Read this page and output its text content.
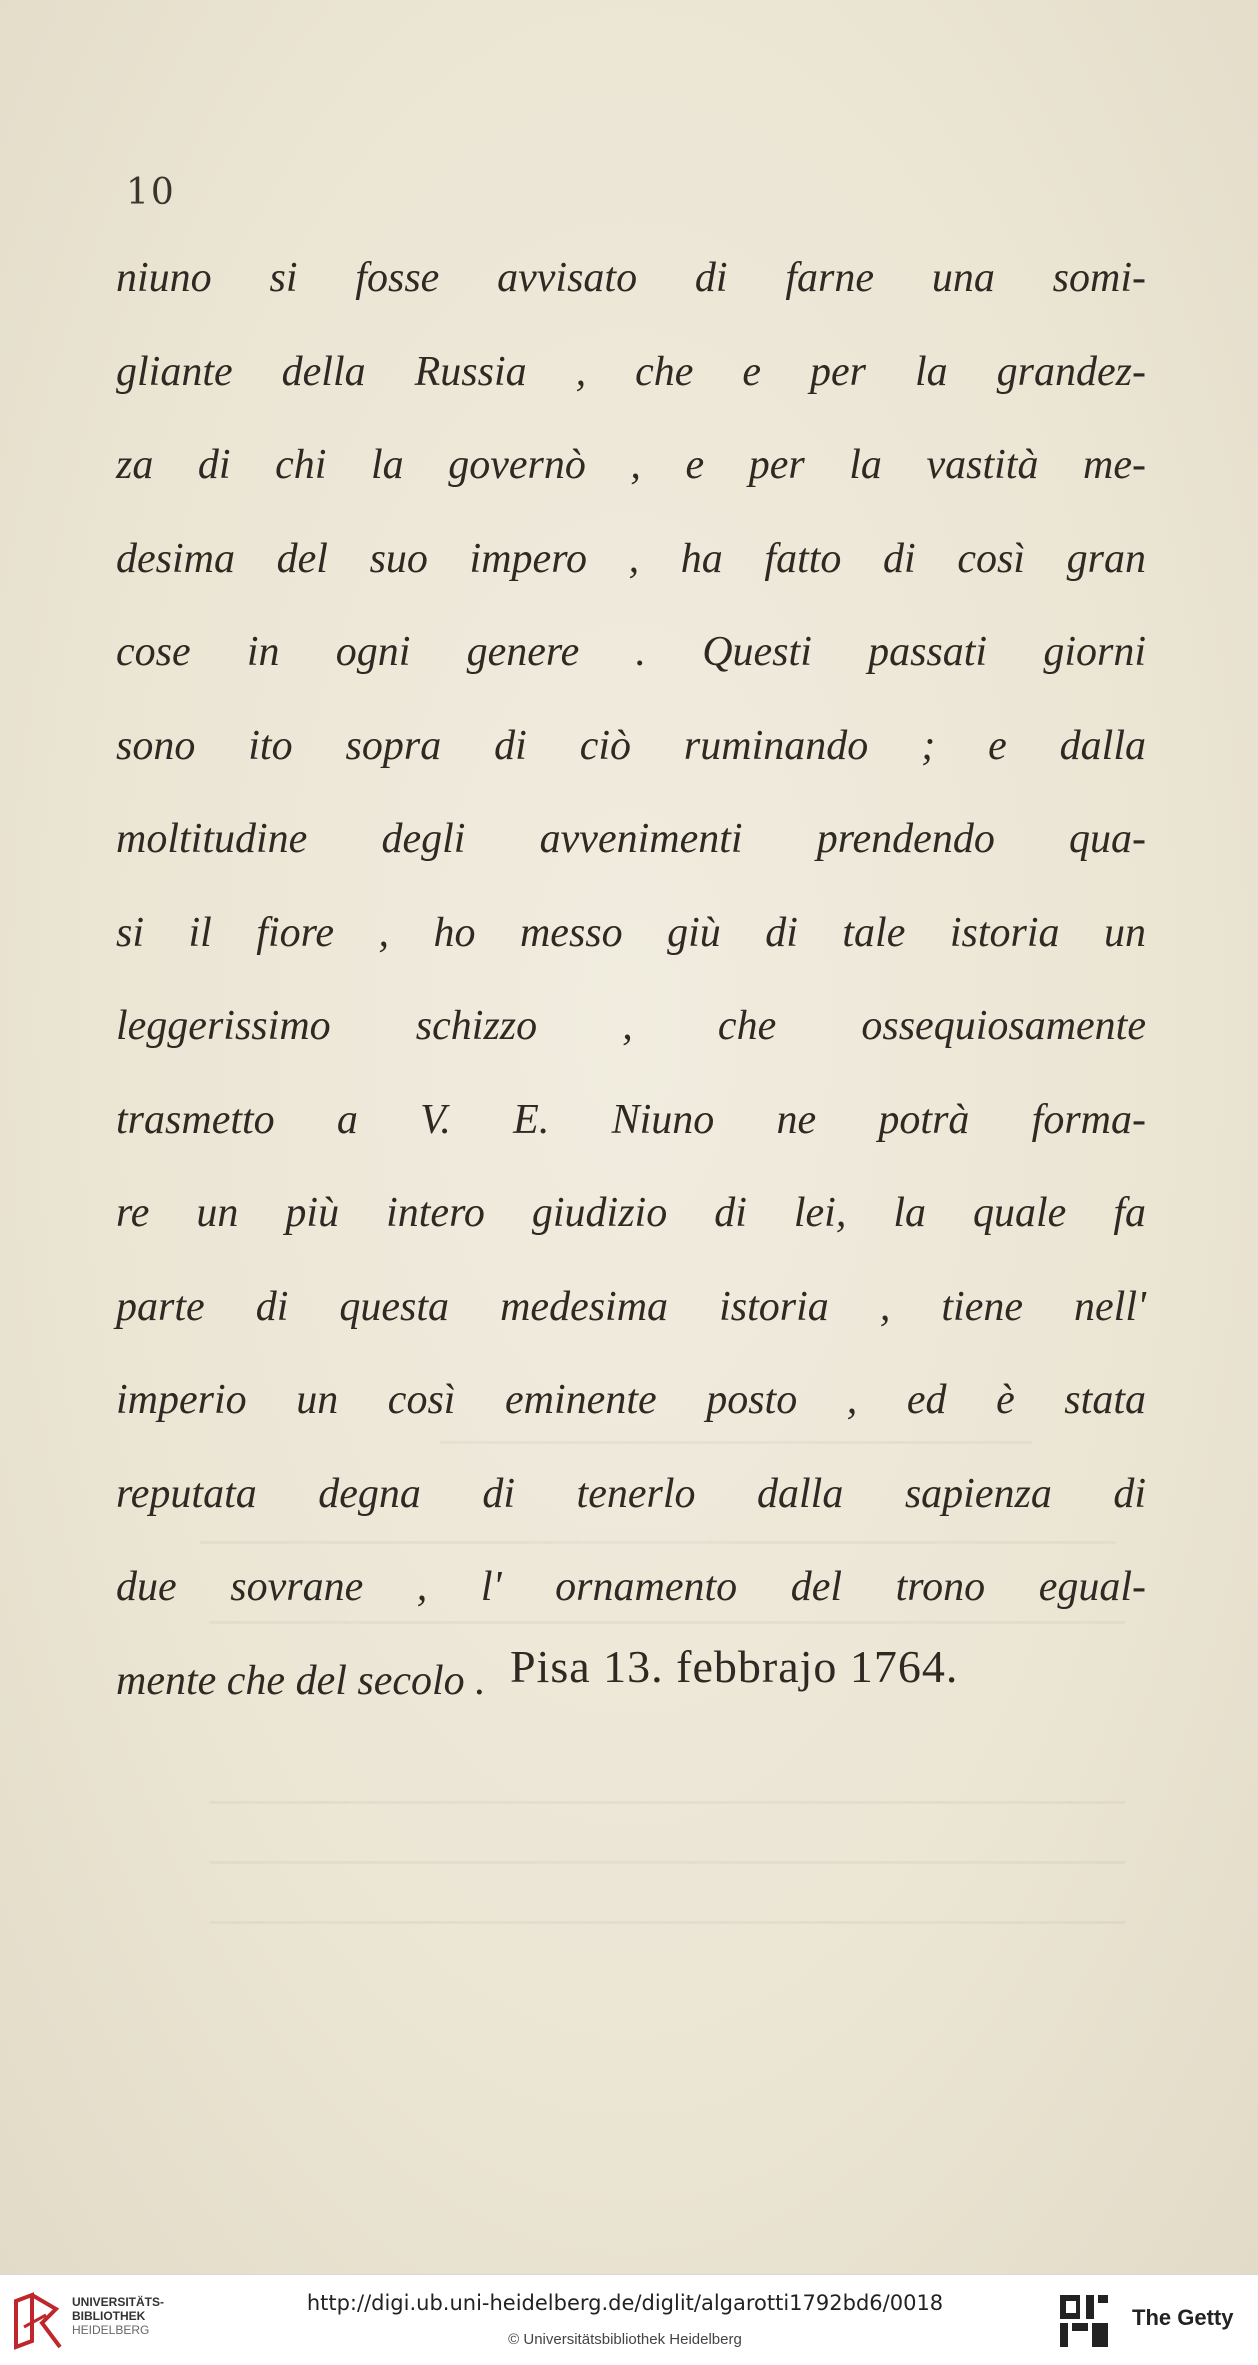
──────────────────────
──────────────────────────────────
──────────────────────────────────
──────────────────────────────────
──────────────────────────────────
──────────────────────────────────
10
niuno si fosse avvisato di farne una somi-
gliante della Russia , che e per la grandez-
za di chi la governò , e per la vastità me-
desima del suo impero , ha fatto di così gran
cose in ogni genere . Questi passati giorni
sono ito sopra di ciò ruminando ; e dalla
moltitudine degli avvenimenti prendendo qua-
si il fiore , ho messo giù di tale istoria un
leggerissimo schizzo , che ossequiosamente
trasmetto a V. E. Niuno ne potrà forma-
re un più intero giudizio di lei, la quale fa
parte di questa medesima istoria , tiene nell'
imperio un così eminente posto , ed è stata
reputata degna di tenerlo dalla sapienza di
due sovrane , l' ornamento del trono egual-
mente che del secolo . Pisa 13. febbrajo 1764.
UNIVERSITÄTS-
BIBLIOTHEK
HEIDELBERG
http://digi.ub.uni-heidelberg.de/diglit/algarotti1792bd6/0018
© Universitätsbibliothek Heidelberg
The Getty
